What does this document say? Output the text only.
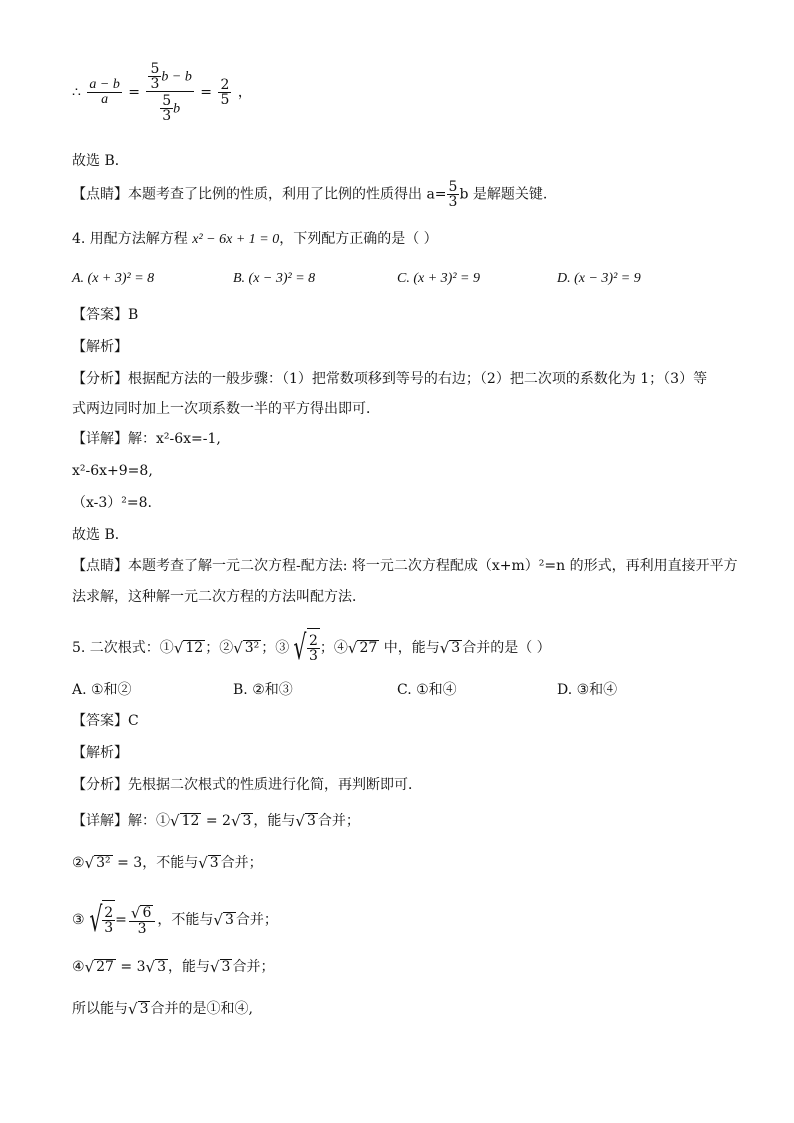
∴ $\frac{a - b}{a} = \frac{\frac{5}{3} b - b}{\frac{5}{3} b} = \frac{2}{5}$ ，
故选 B．
【点睛】本题考查了比例的性质，利用了比例的性质得出 $a= \frac{5}{3}$ b 是解题关键.
4. 用配方法解方程 x² − 6x + 1 = 0，下列配方正确的是（ ）
A. (x + 3)² = 8	B. (x − 3)² = 8	C. (x + 3)² = 9	D. (x − 3)² = 9
【答案】B
【解析】
【分析】根据配方法的一般步骤：（1）把常数项移到等号的右边；（2）把二次项的系数化为 1；（3）等
式两边同时加上一次项系数一半的平方得出即可．
【详解】解：x²-6x=-1,
x²-6x+9=8,
（x-3）²=8.
故选 B．
【点睛】本题考查了解一元二次方程-配方法: 将一元二次方程配成（x+m）²=n 的形式，再利用直接开平方
法求解，这种解一元二次方程的方法叫配方法．
5. 二次根式：① √ 12 ；② √ 3² ；③ √ $\frac{2}{3}$ ；④ √ 27 中，能与 √ 3 合并的是（ ）
A. ①和②	B. ②和③	C. ①和④	D. ③和④
【答案】C
【解析】
【分析】先根据二次根式的性质进行化简，再判断即可．
【详解】解：① √ 12 = 2 √ 3 ，能与 √ 3 合并；
② √ 3² = 3，不能与 √ 3 合并；
③ √ $\frac{2}{3} = \frac{√ 6}{3}$ ，不能与 √ 3 合并；
④ √ 27 = 3 √ 3 ，能与 √ 3 合并；
所以能与 √ 3 合并的是①和④,
